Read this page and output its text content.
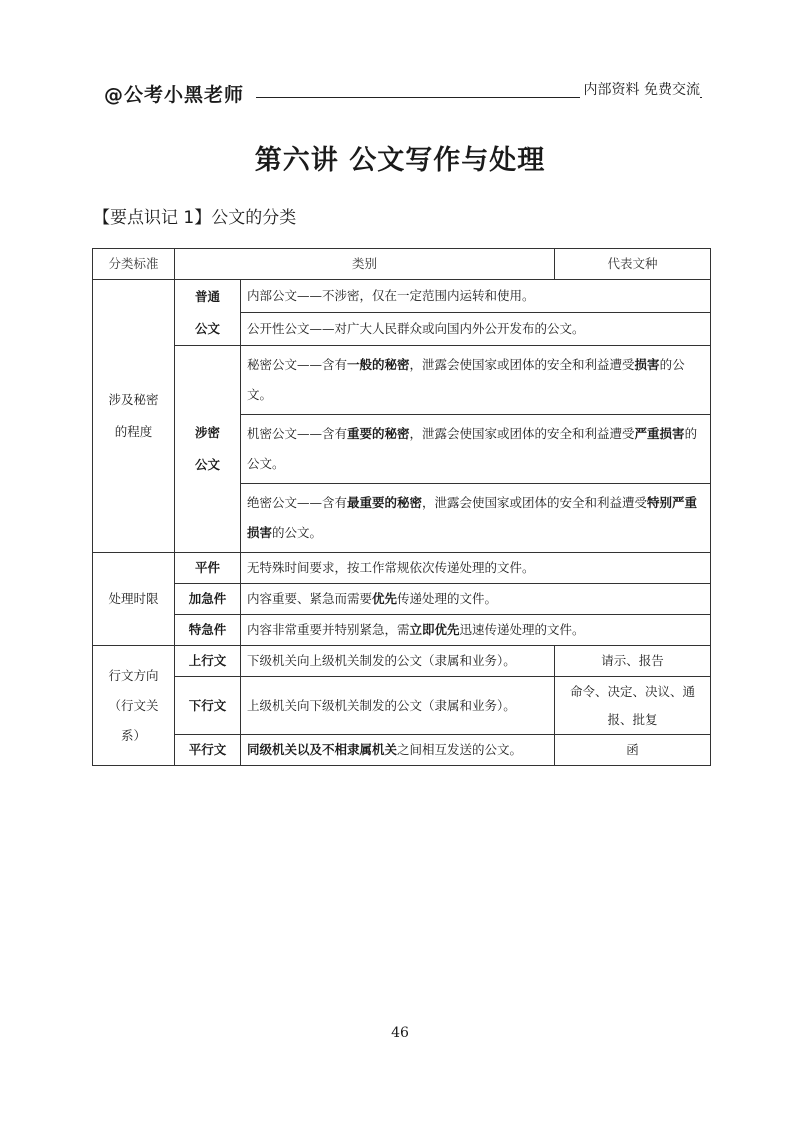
@公考小黑老师	内部资料 免费交流
第六讲 公文写作与处理
【要点识记 1】公文的分类
分类标准	类别		代表文种

涉及秘密的程度	普通公文	内部公文——不涉密，仅在一定范围内运转和使用。	
		公开性公文——对广大人民群众或向国内外公开发布的公文。	

	涉密公文	秘密公文——含有一般的秘密，泄露会使国家或团体的安全和利益遭受损害的公文。	
		机密公文——含有重要的秘密，泄露会使国家或团体的安全和利益遭受严重损害的公文。	
		绝密公文——含有最重要的秘密，泄露会使国家或团体的安全和利益遭受特别严重损害的公文。	
处理时限	平件	无特殊时间要求，按工作常规依次传递处理的文件。	
	加急件	内容重要、紧急而需要优先传递处理的文件。	
	特急件	内容非常重要并特别紧急，需立即优先迅速传递处理的文件。	

行文方向
（行文关
系）	上行文	下级机关向上级机关制发的公文（隶属和业务）。	请示、报告
	下行文	上级机关向下级机关制发的公文（隶属和业务）。	命令、决定、决议、通报、批复
	平行文	同级机关以及不相隶属机关之间相互发送的公文。	函
46
